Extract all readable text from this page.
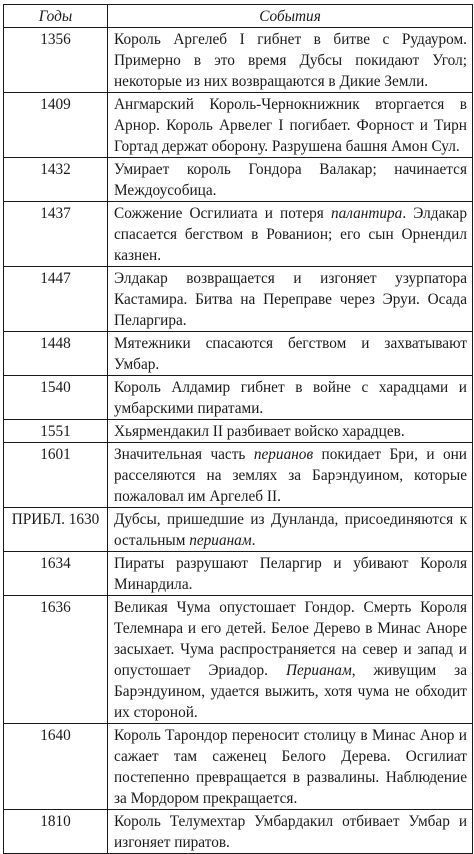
Годы	События
1356	Король Аргелеб I гибнет в битве с Рудауром. Примерно в это время Дубсы покидают Угол; некоторые из них возвращаются в Дикие Земли.
1409	Ангмарский Король-Чернокнижник вторгается в Арнор. Король Арвелег I погибает. Форност и Тирн Гортад держат оборону. Разрушена башня Амон Сул.
1432	Умирает король Гондора Валакар; начинается Междоусобица.
1437	Сожжение Осгилиата и потеря палантира. Элдакар спасается бегством в Рованион; его сын Орнендил казнен.
1447	Элдакар возвращается и изгоняет узурпатора Кастамира. Битва на Переправе через Эруи. Осада Пеларгира.
1448	Мятежники спасаются бегством и захватывают Умбар.
1540	Король Алдамир гибнет в войне с харадцами и умбарскими пиратами.
1551	Хьярмендакил II разбивает войско харадцев.
1601	Значительная часть перианов покидает Бри, и они расселяются на землях за Барэндуином, которые пожаловал им Аргелеб II.
ПРИБЛ. 1630	Дубсы, пришедшие из Дунланда, присоединяются к остальным перианам.
1634	Пираты разрушают Пеларгир и убивают Короля Минардила.
1636	Великая Чума опустошает Гондор. Смерть Короля Телемнара и его детей. Белое Дерево в Минас Аноре засыхает. Чума распространяется на север и запад и опустошает Эриадор. Перианам, живущим за Барэндуином, удается выжить, хотя чума не обходит их стороной.
1640	Король Тарондор переносит столицу в Минас Анор и сажает там саженец Белого Дерева. Осгилиат постепенно превращается в развалины. Наблюдение за Мордором прекращается.
1810	Король Телумехтар Умбардакил отбивает Умбар и изгоняет пиратов.
